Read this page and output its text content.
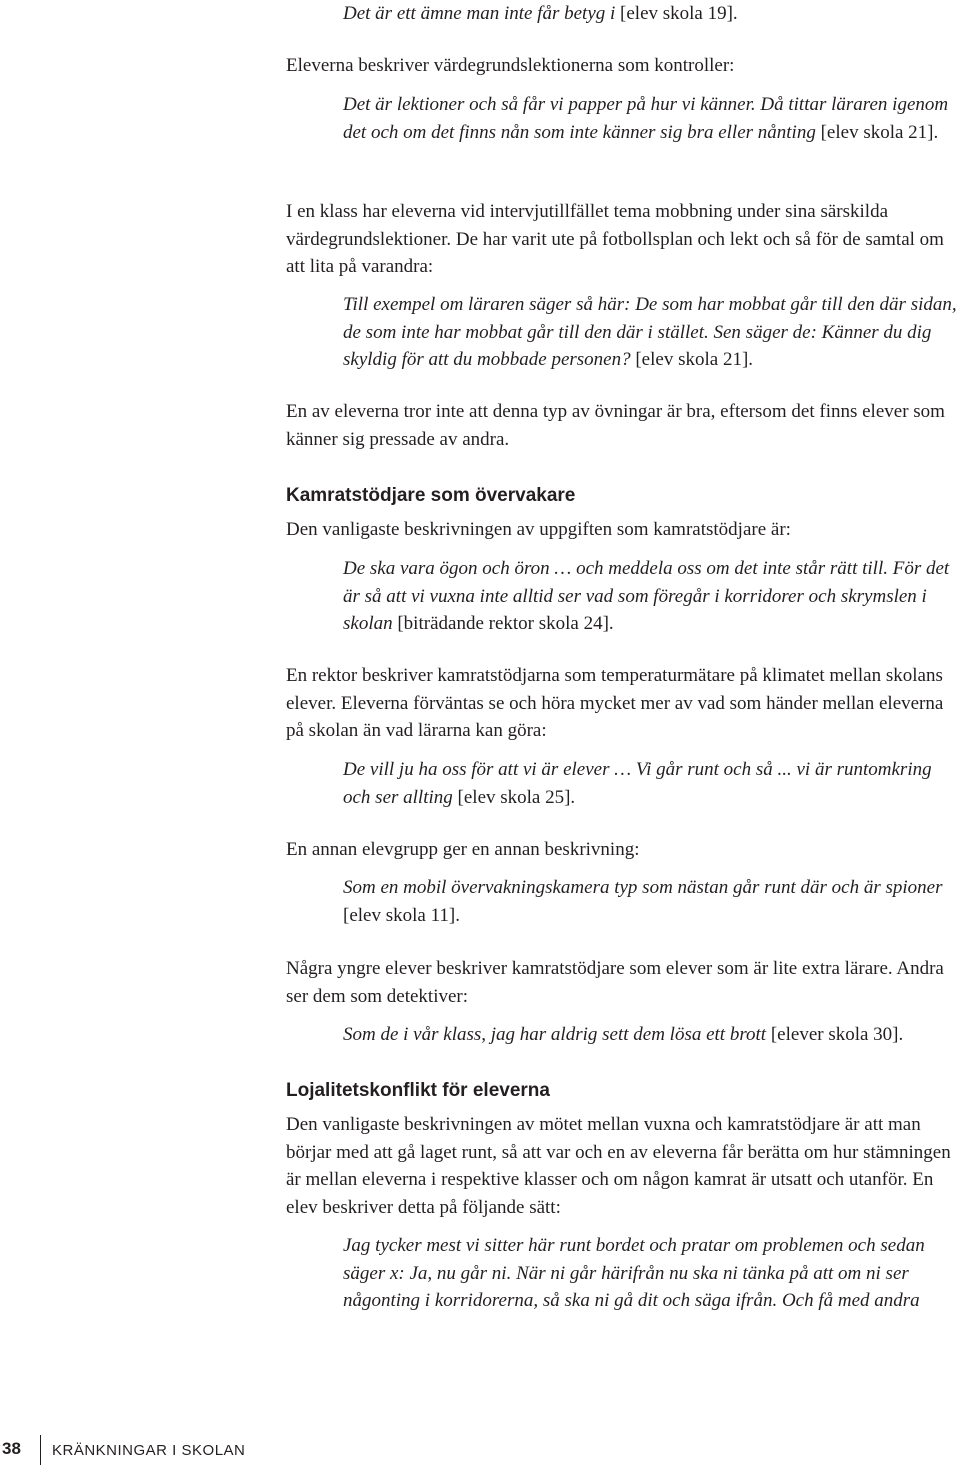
Det är ett ämne man inte får betyg i [elev skola 19].

Eleverna beskriver värdegrundslektionerna som kontroller:

Det är lektioner och så får vi papper på hur vi känner. Då tittar läraren igenom det och om det finns nån som inte känner sig bra eller nånting [elev skola 21].

I en klass har eleverna vid intervjutillfället tema mobbning under sina särskilda värdegrundslektioner. De har varit ute på fotbollsplan och lekt och så för de samtal om att lita på varandra:

Till exempel om läraren säger så här: De som har mobbat går till den där sidan, de som inte har mobbat går till den där i stället. Sen säger de: Känner du dig skyldig för att du mobbade personen? [elev skola 21].

En av eleverna tror inte att denna typ av övningar är bra, eftersom det finns elever som känner sig pressade av andra.

Kamratstödjare som övervakare

Den vanligaste beskrivningen av uppgiften som kamratstödjare är:

De ska vara ögon och öron … och meddela oss om det inte står rätt till. För det är så att vi vuxna inte alltid ser vad som föregår i korridorer och skrymslen i skolan [biträdande rektor skola 24].

En rektor beskriver kamratstödjarna som temperaturmätare på klimatet mellan skolans elever. Eleverna förväntas se och höra mycket mer av vad som händer mellan eleverna på skolan än vad lärarna kan göra:

De vill ju ha oss för att vi är elever … Vi går runt och så ... vi är runtomkring och ser allting [elev skola 25].

En annan elevgrupp ger en annan beskrivning:

Som en mobil övervakningskamera typ som nästan går runt där och är spioner [elev skola 11].

Några yngre elever beskriver kamratstödjare som elever som är lite extra lärare. Andra ser dem som detektiver:

Som de i vår klass, jag har aldrig sett dem lösa ett brott [elever skola 30].

Lojalitetskonflikt för eleverna

Den vanligaste beskrivningen av mötet mellan vuxna och kamratstödjare är att man börjar med att gå laget runt, så att var och en av eleverna får berätta om hur stämningen är mellan eleverna i respektive klasser och om någon kamrat är utsatt och utanför. En elev beskriver detta på följande sätt:

Jag tycker mest vi sitter här runt bordet och pratar om problemen och sedan säger x: Ja, nu går ni. När ni går härifrån nu ska ni tänka på att om ni ser någonting i korridorerna, så ska ni gå dit och säga ifrån. Och få med andra

38 KRÄNKNINGAR I SKOLAN
